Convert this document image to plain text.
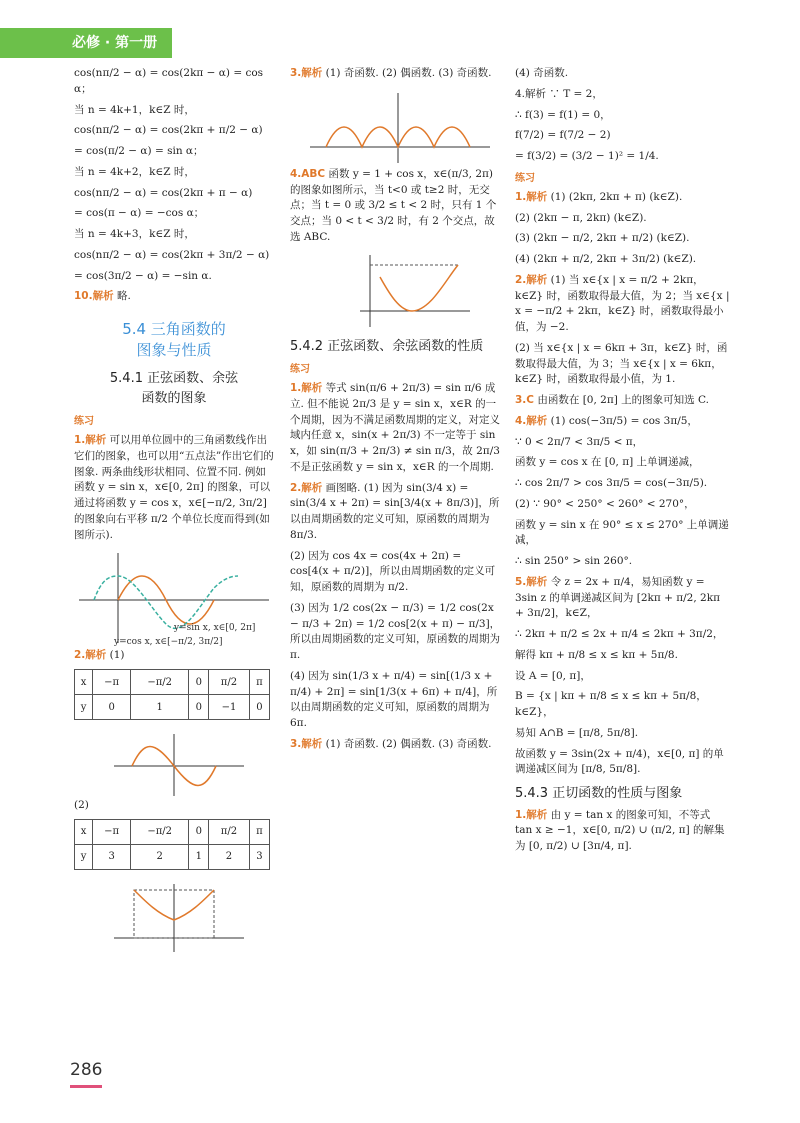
必修 · 第一册

cos(nπ/2 − α) = cos(2kπ − α) = cos α；

当 n = 4k+1，k∈Z 时，

cos(nπ/2 − α) = cos(2kπ + π/2 − α)

= cos(π/2 − α) = sin α；

当 n = 4k+2，k∈Z 时，

cos(nπ/2 − α) = cos(2kπ + π − α)

= cos(π − α) = −cos α；

当 n = 4k+3，k∈Z 时，

cos(nπ/2 − α) = cos(2kπ + 3π/2 − α)

= cos(3π/2 − α) = −sin α.

10.解析 略.

5.4 三角函数的
图象与性质
5.4.1 正弦函数、余弦
函数的图象
练习

1.解析 可以用单位圆中的三角函数线作出它们的图象，也可以用“五点法”作出它们的图象. 两条曲线形状相同、位置不同. 例如函数 y = sin x，x∈[0, 2π] 的图象，可以通过将函数 y = cos x，x∈[−π/2, 3π/2] 的图象向右平移 π/2 个单位长度而得到(如图所示).

y=sin x, x∈[0, 2π]
y=cos x, x∈[−π/2, 3π/2]

2.解析 (1)

x	−π	−π/2	0	π/2	π
y	0	1	0	−1	0

(2)

x	−π	−π/2	0	π/2	π
y	3	2	1	2	3

3.解析 (1) 奇函数. (2) 偶函数. (3) 奇函数.

4.ABC 函数 y = 1 + cos x，x∈(π/3, 2π) 的图象如图所示，当 t<0 或 t≥2 时，无交点；当 t = 0 或 3/2 ≤ t < 2 时，只有 1 个交点；当 0 < t < 3/2 时，有 2 个交点，故选 ABC.

5.4.2 正弦函数、余弦函数的性质
练习

1.解析 等式 sin(π/6 + 2π/3) = sin π/6 成立. 但不能说 2π/3 是 y = sin x，x∈R 的一个周期，因为不满足函数周期的定义，对定义域内任意 x，sin(x + 2π/3) 不一定等于 sin x，如 sin(π/3 + 2π/3) ≠ sin π/3，故 2π/3 不是正弦函数 y = sin x，x∈R 的一个周期.

2.解析 画图略. (1) 因为 sin(3/4 x) = sin(3/4 x + 2π) = sin[3/4(x + 8π/3)]，所以由周期函数的定义可知，原函数的周期为 8π/3.

(2) 因为 cos 4x = cos(4x + 2π) = cos[4(x + π/2)]，所以由周期函数的定义可知，原函数的周期为 π/2.

(3) 因为 1/2 cos(2x − π/3) = 1/2 cos(2x − π/3 + 2π) = 1/2 cos[2(x + π) − π/3]，所以由周期函数的定义可知，原函数的周期为 π.

(4) 因为 sin(1/3 x + π/4) = sin[(1/3 x + π/4) + 2π] = sin[1/3(x + 6π) + π/4]，所以由周期函数的定义可知，原函数的周期为 6π.

3.解析 (1) 奇函数. (2) 偶函数. (3) 奇函数.

(4) 奇函数.

4.解析 ∵ T = 2，

∴ f(3) = f(1) = 0，

f(7/2) = f(7/2 − 2)

= f(3/2) = (3/2 − 1)² = 1/4.

练习

1.解析 (1) (2kπ, 2kπ + π) (k∈Z).

(2) (2kπ − π, 2kπ) (k∈Z).

(3) (2kπ − π/2, 2kπ + π/2) (k∈Z).

(4) (2kπ + π/2, 2kπ + 3π/2) (k∈Z).

2.解析 (1) 当 x∈{x | x = π/2 + 2kπ，k∈Z} 时，函数取得最大值，为 2；当 x∈{x | x = −π/2 + 2kπ，k∈Z} 时，函数取得最小值，为 −2.

(2) 当 x∈{x | x = 6kπ + 3π，k∈Z} 时，函数取得最大值，为 3；当 x∈{x | x = 6kπ，k∈Z} 时，函数取得最小值，为 1.

3.C 由函数在 [0, 2π] 上的图象可知选 C.

4.解析 (1) cos(−3π/5) = cos 3π/5，

∵ 0 < 2π/7 < 3π/5 < π，

函数 y = cos x 在 [0, π] 上单调递减，

∴ cos 2π/7 > cos 3π/5 = cos(−3π/5).

(2) ∵ 90° < 250° < 260° < 270°，

函数 y = sin x 在 90° ≤ x ≤ 270° 上单调递减，

∴ sin 250° > sin 260°.

5.解析 令 z = 2x + π/4，易知函数 y = 3sin z 的单调递减区间为 [2kπ + π/2, 2kπ + 3π/2]，k∈Z，

∴ 2kπ + π/2 ≤ 2x + π/4 ≤ 2kπ + 3π/2，

解得 kπ + π/8 ≤ x ≤ kπ + 5π/8.

设 A = [0, π]，

B = {x | kπ + π/8 ≤ x ≤ kπ + 5π/8，k∈Z}，

易知 A∩B = [π/8, 5π/8].

故函数 y = 3sin(2x + π/4)，x∈[0, π] 的单调递减区间为 [π/8, 5π/8].

5.4.3 正切函数的性质与图象

1.解析 由 y = tan x 的图象可知，不等式 tan x ≥ −1，x∈[0, π/2) ∪ (π/2, π] 的解集为 [0, π/2) ∪ [3π/4, π].

286
